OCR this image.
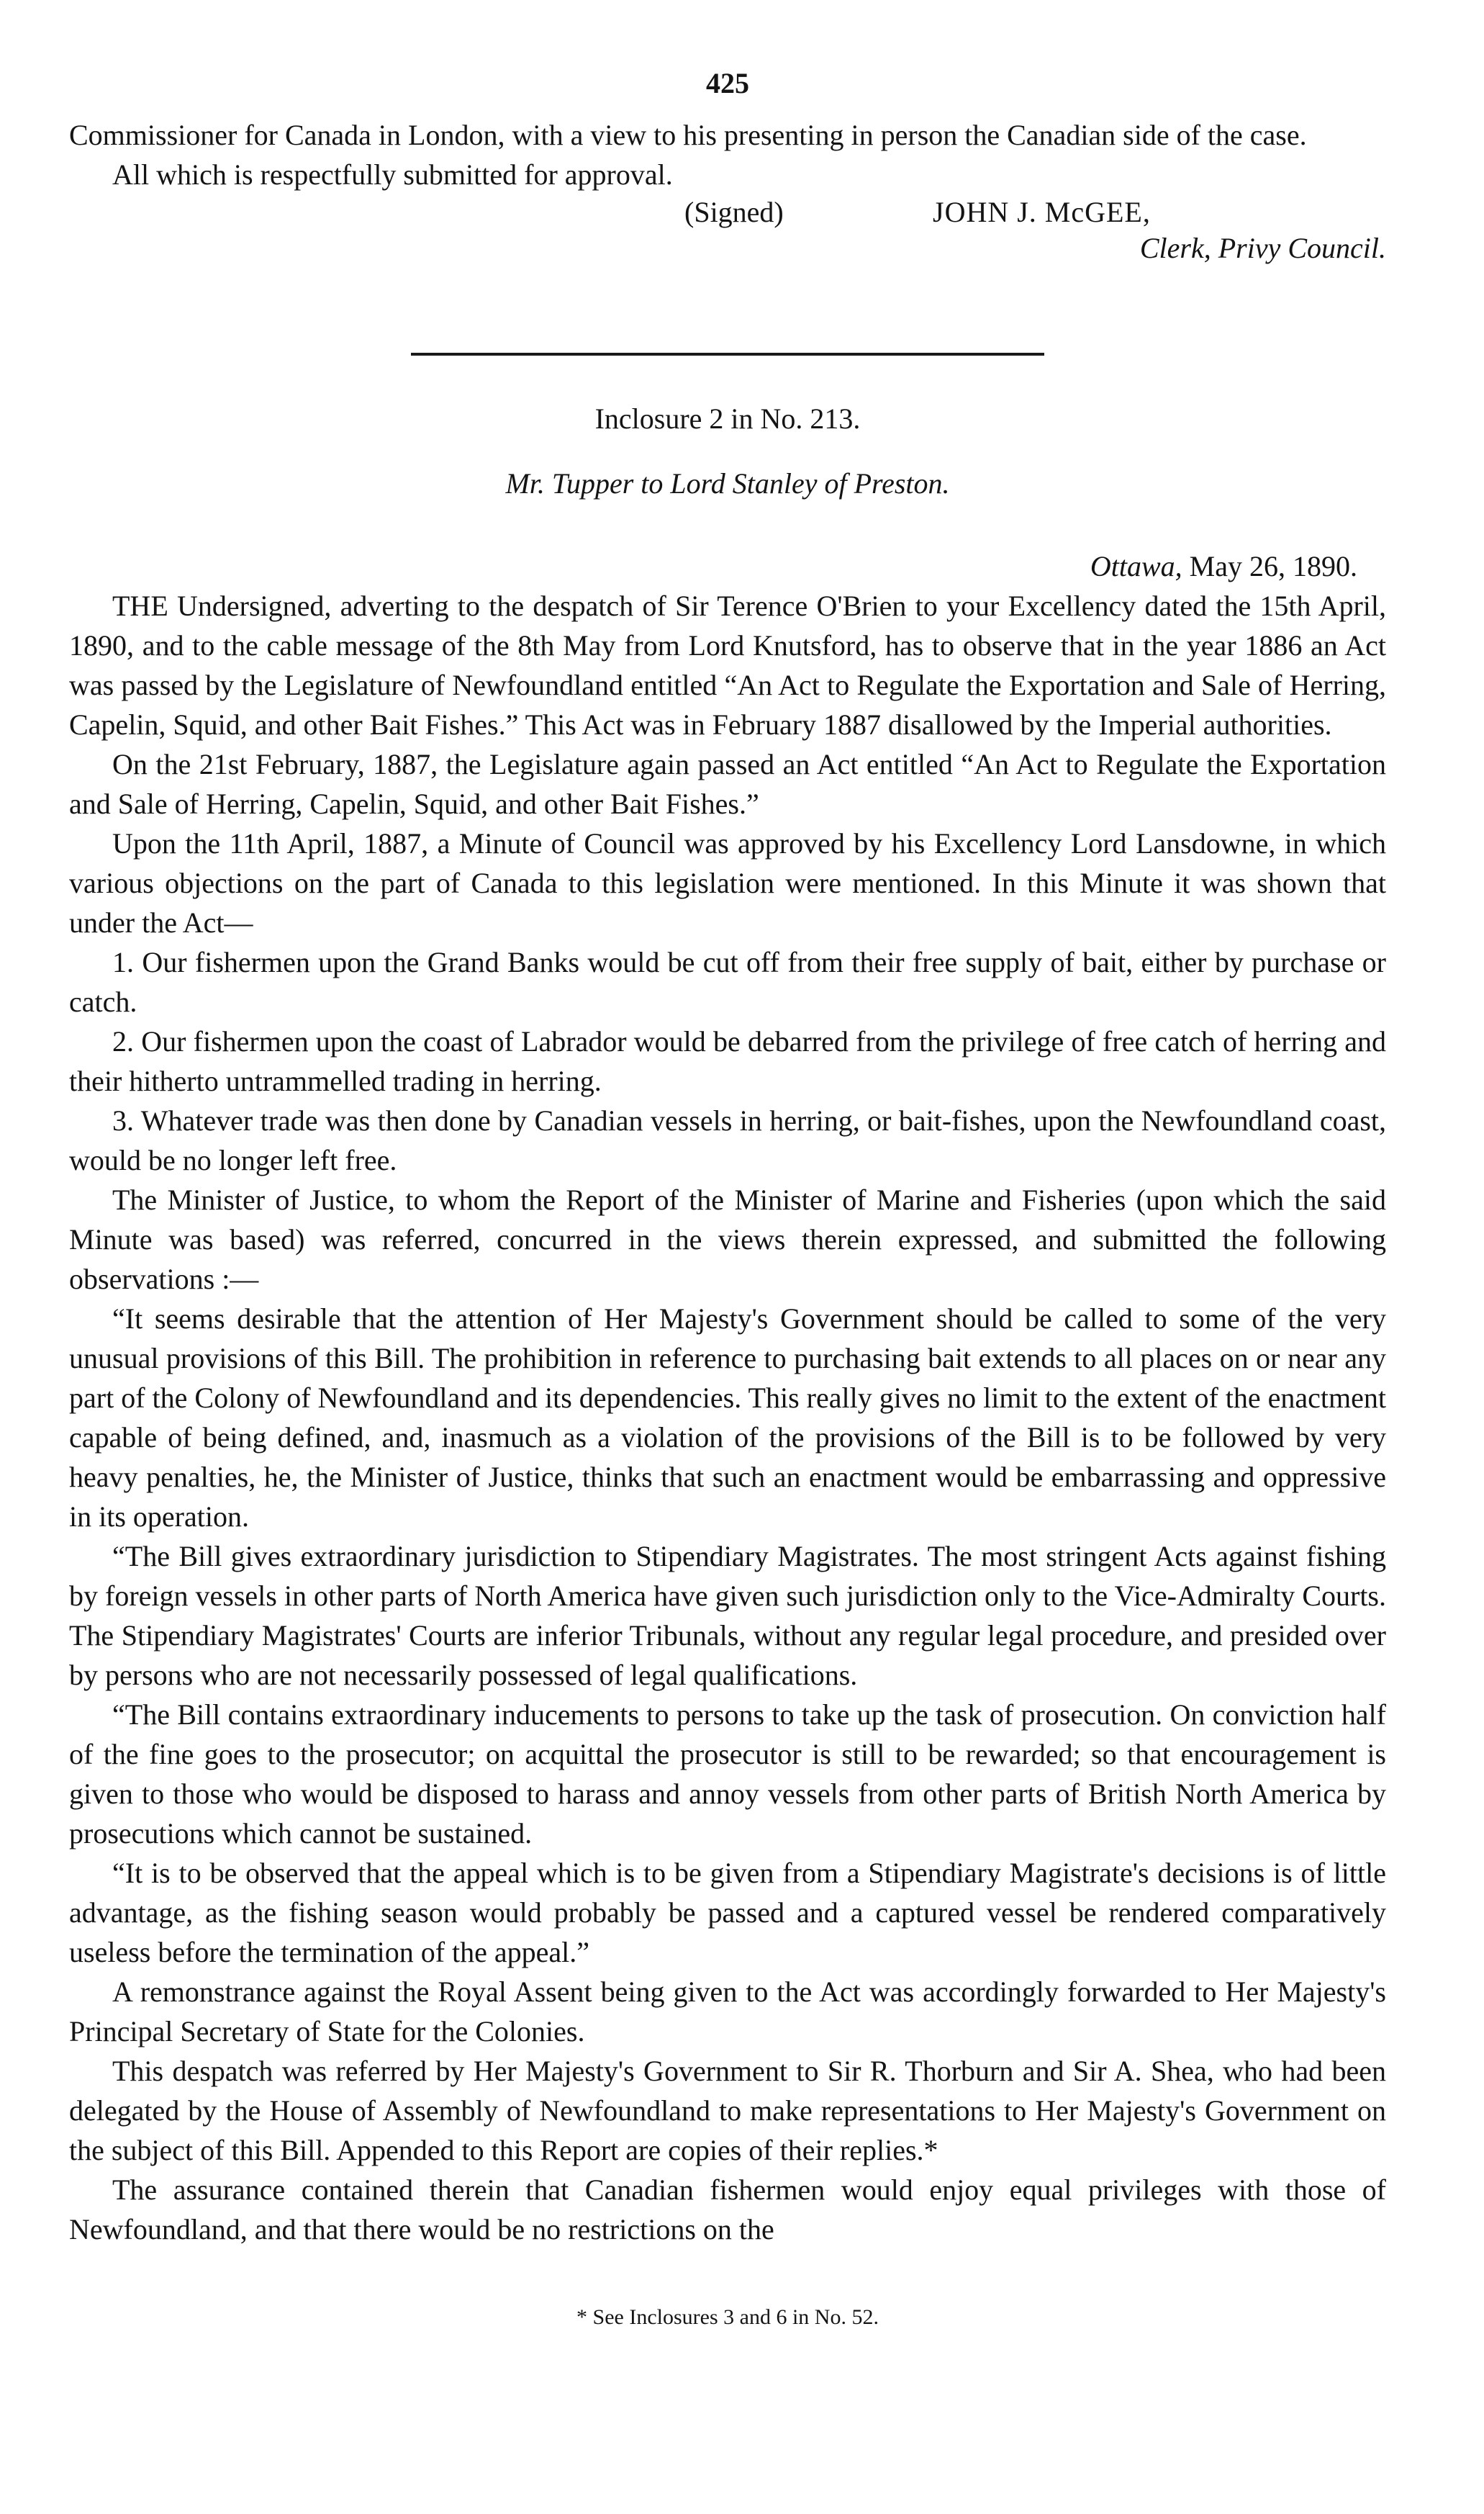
425

Commissioner for Canada in London, with a view to his presenting in person the Canadian side of the case.

All which is respectfully submitted for approval.

(Signed)	JOHN J. McGEE,
Clerk, Privy Council.
Inclosure 2 in No. 213.
Mr. Tupper to Lord Stanley of Preston.
Ottawa, May 26, 1890.

THE Undersigned, adverting to the despatch of Sir Terence O'Brien to your Excellency dated the 15th April, 1890, and to the cable message of the 8th May from Lord Knutsford, has to observe that in the year 1886 an Act was passed by the Legislature of Newfoundland entitled “An Act to Regulate the Exportation and Sale of Herring, Capelin, Squid, and other Bait Fishes.” This Act was in February 1887 disallowed by the Imperial authorities.

On the 21st February, 1887, the Legislature again passed an Act entitled “An Act to Regulate the Exportation and Sale of Herring, Capelin, Squid, and other Bait Fishes.”

Upon the 11th April, 1887, a Minute of Council was approved by his Excellency Lord Lansdowne, in which various objections on the part of Canada to this legislation were mentioned. In this Minute it was shown that under the Act—

1. Our fishermen upon the Grand Banks would be cut off from their free supply of bait, either by purchase or catch.

2. Our fishermen upon the coast of Labrador would be debarred from the privilege of free catch of herring and their hitherto untrammelled trading in herring.

3. Whatever trade was then done by Canadian vessels in herring, or bait-fishes, upon the Newfoundland coast, would be no longer left free.

The Minister of Justice, to whom the Report of the Minister of Marine and Fisheries (upon which the said Minute was based) was referred, concurred in the views therein expressed, and submitted the following observations :—

“It seems desirable that the attention of Her Majesty's Government should be called to some of the very unusual provisions of this Bill. The prohibition in reference to purchasing bait extends to all places on or near any part of the Colony of Newfoundland and its dependencies. This really gives no limit to the extent of the enactment capable of being defined, and, inasmuch as a violation of the provisions of the Bill is to be followed by very heavy penalties, he, the Minister of Justice, thinks that such an enactment would be embarrassing and oppressive in its operation.

“The Bill gives extraordinary jurisdiction to Stipendiary Magistrates. The most stringent Acts against fishing by foreign vessels in other parts of North America have given such jurisdiction only to the Vice-Admiralty Courts. The Stipendiary Magistrates' Courts are inferior Tribunals, without any regular legal procedure, and presided over by persons who are not necessarily possessed of legal qualifications.

“The Bill contains extraordinary inducements to persons to take up the task of prosecution. On conviction half of the fine goes to the prosecutor; on acquittal the prosecutor is still to be rewarded; so that encouragement is given to those who would be disposed to harass and annoy vessels from other parts of British North America by prosecutions which cannot be sustained.

“It is to be observed that the appeal which is to be given from a Stipendiary Magistrate's decisions is of little advantage, as the fishing season would probably be passed and a captured vessel be rendered comparatively useless before the termination of the appeal.”

A remonstrance against the Royal Assent being given to the Act was accordingly forwarded to Her Majesty's Principal Secretary of State for the Colonies.

This despatch was referred by Her Majesty's Government to Sir R. Thorburn and Sir A. Shea, who had been delegated by the House of Assembly of Newfoundland to make representations to Her Majesty's Government on the subject of this Bill. Appended to this Report are copies of their replies.*

The assurance contained therein that Canadian fishermen would enjoy equal privileges with those of Newfoundland, and that there would be no restrictions on the

* See Inclosures 3 and 6 in No. 52.
